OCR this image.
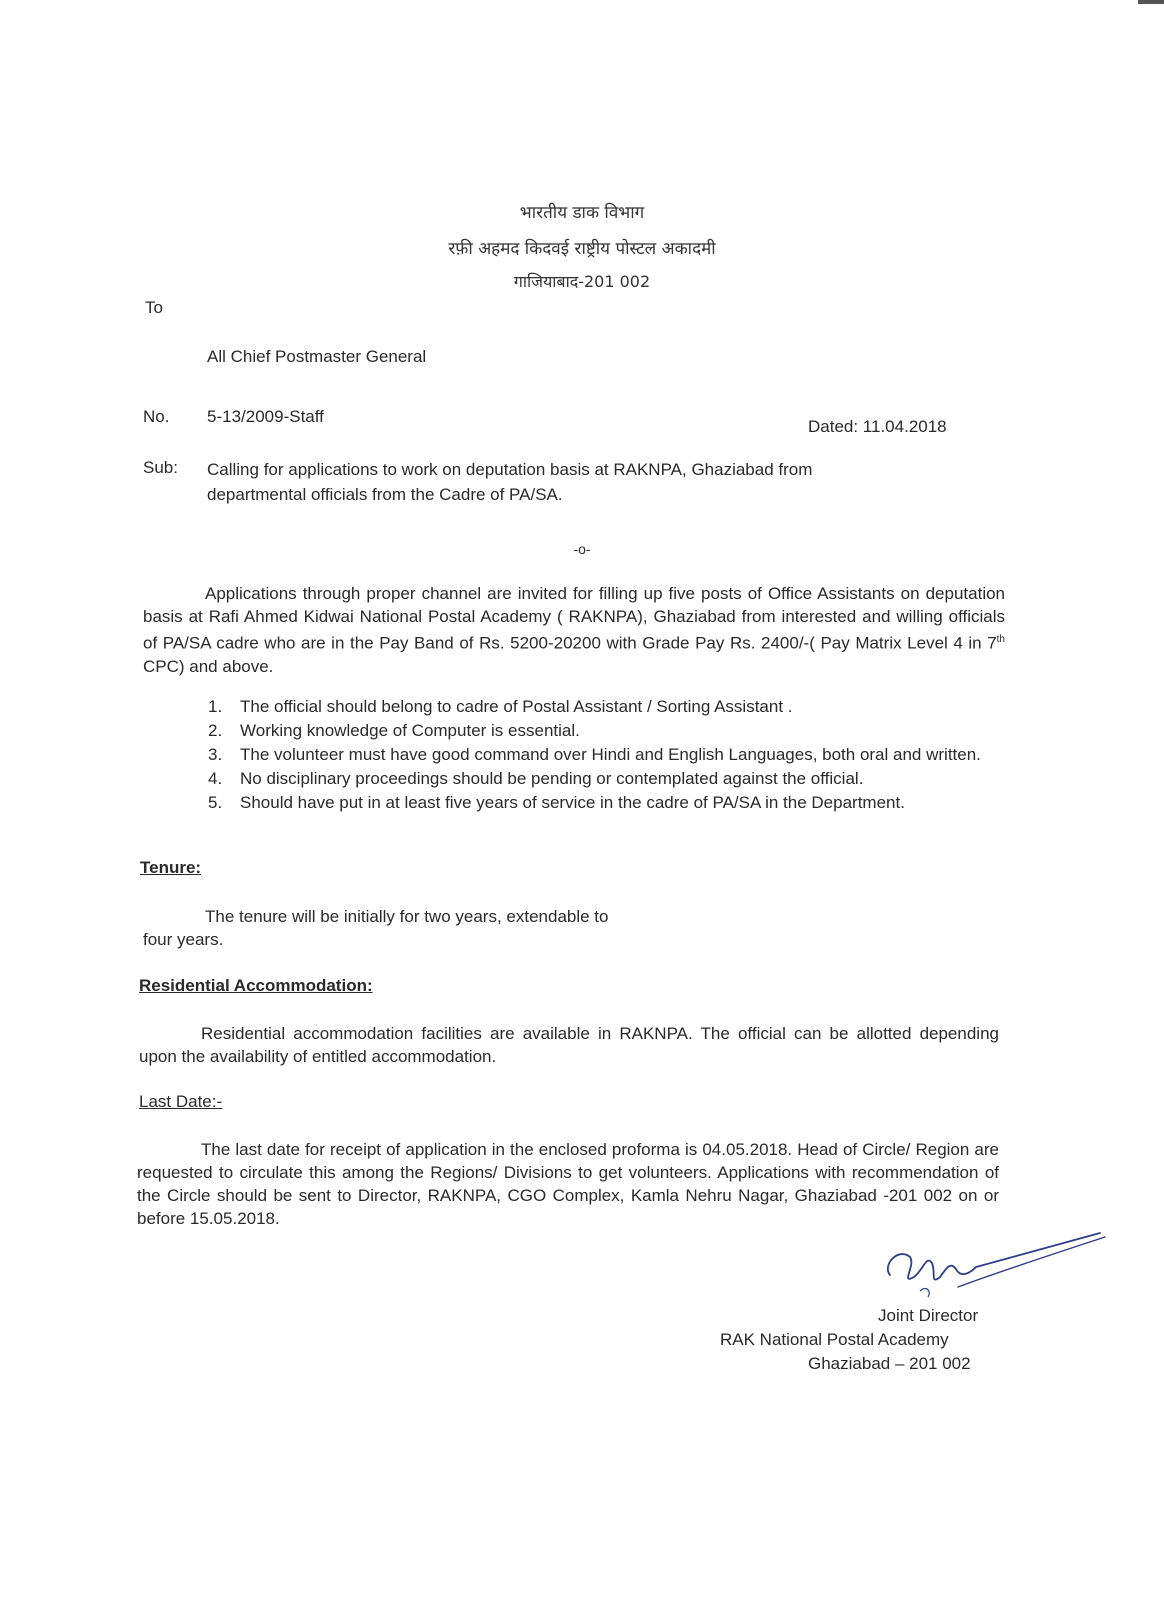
भारतीय डाक विभाग
रफ़ी अहमद किदवई राष्ट्रीय पोस्टल अकादमी
गाजियाबाद-201 002
To
All Chief Postmaster General
No. 5-13/2009-Staff
Dated: 11.04.2018
Sub: Calling for applications to work on deputation basis at RAKNPA, Ghaziabad from
departmental officials from the Cadre of PA/SA.
-o-
Applications through proper channel are invited for filling up five posts of Office Assistants on deputation basis at Rafi Ahmed Kidwai National Postal Academy ( RAKNPA), Ghaziabad from interested and willing officials of PA/SA cadre who are in the Pay Band of Rs. 5200-20200 with Grade Pay Rs. 2400/-( Pay Matrix Level 4 in 7th CPC) and above.
1. The official should belong to cadre of Postal Assistant / Sorting Assistant .
2. Working knowledge of Computer is essential.
3. The volunteer must have good command over Hindi and English Languages, both oral and written.
4. No disciplinary proceedings should be pending or contemplated against the official.
5. Should have put in at least five years of service in the cadre of PA/SA in the Department.
Tenure:
The tenure will be initially for two years, extendable to
four years.
Residential Accommodation:
Residential accommodation facilities are available in RAKNPA. The official can be allotted depending upon the availability of entitled accommodation.
Last Date:-
The last date for receipt of application in the enclosed proforma is 04.05.2018. Head of Circle/ Region are requested to circulate this among the Regions/ Divisions to get volunteers. Applications with recommendation of the Circle should be sent to Director, RAKNPA, CGO Complex, Kamla Nehru Nagar, Ghaziabad -201 002 on or before 15.05.2018.
Joint Director
RAK National Postal Academy
Ghaziabad – 201 002
